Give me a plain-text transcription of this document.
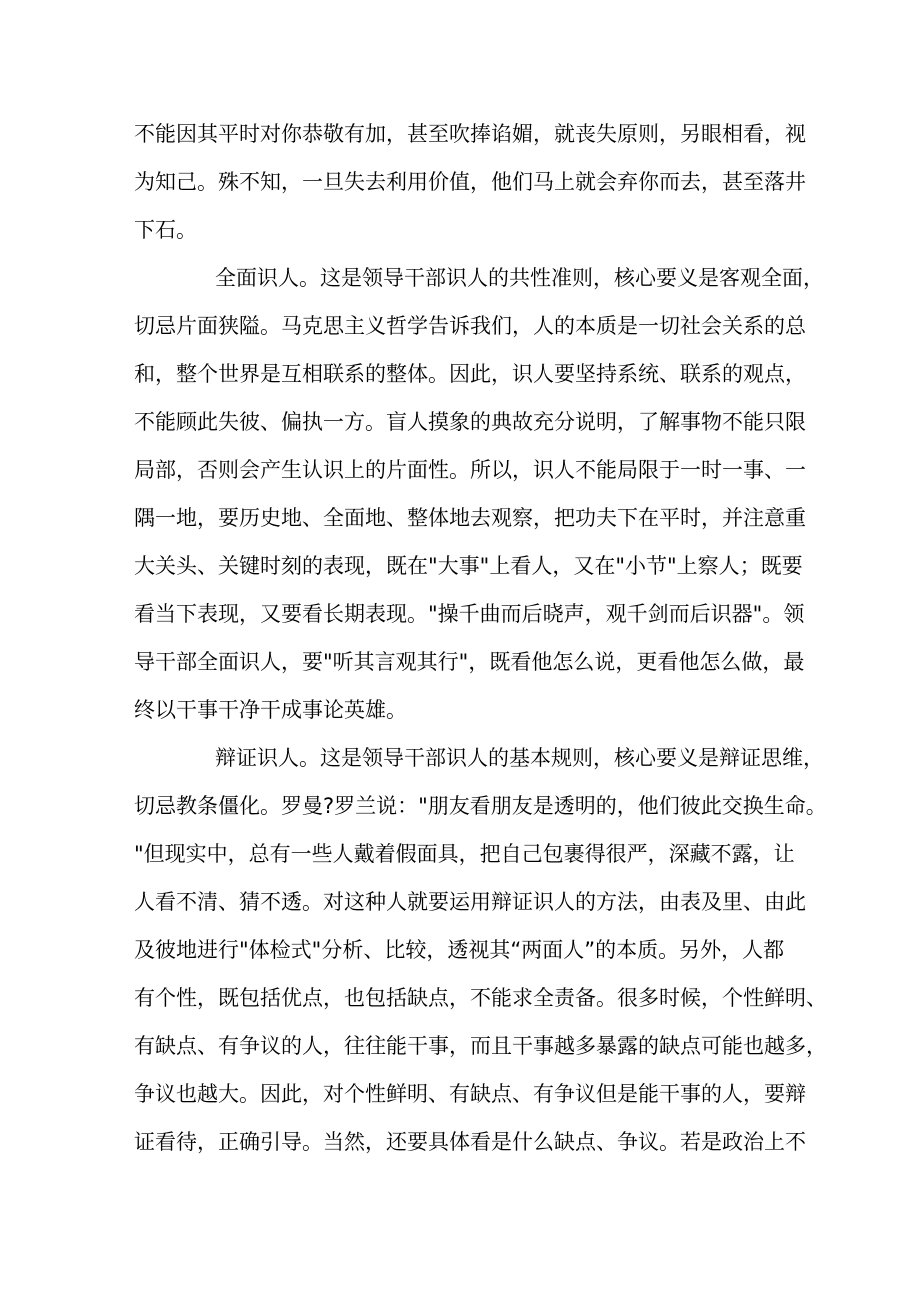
不能因其平时对你恭敬有加，甚至吹捧谄媚，就丧失原则，另眼相看，视
为知己。殊不知，一旦失去利用价值，他们马上就会弃你而去，甚至落井
下石。
全面识人。这是领导干部识人的共性准则，核心要义是客观全面，
切忌片面狭隘。马克思主义哲学告诉我们，人的本质是一切社会关系的总
和，整个世界是互相联系的整体。因此，识人要坚持系统、联系的观点，
不能顾此失彼、偏执一方。盲人摸象的典故充分说明，了解事物不能只限
局部，否则会产生认识上的片面性。所以，识人不能局限于一时一事、一
隅一地，要历史地、全面地、整体地去观察，把功夫下在平时，并注意重
大关头、关键时刻的表现，既在"大事"上看人，又在"小节"上察人；既要
看当下表现，又要看长期表现。"操千曲而后晓声，观千剑而后识器"。领
导干部全面识人，要"听其言观其行"，既看他怎么说，更看他怎么做，最
终以干事干净干成事论英雄。
辩证识人。这是领导干部识人的基本规则，核心要义是辩证思维，
切忌教条僵化。罗曼?罗兰说："朋友看朋友是透明的，他们彼此交换生命。
"但现实中，总有一些人戴着假面具，把自己包裹得很严，深藏不露，让
人看不清、猜不透。对这种人就要运用辩证识人的方法，由表及里、由此
及彼地进行"体检式"分析、比较，透视其“两面人”的本质。另外，人都
有个性，既包括优点，也包括缺点，不能求全责备。很多时候，个性鲜明、
有缺点、有争议的人，往往能干事，而且干事越多暴露的缺点可能也越多，
争议也越大。因此，对个性鲜明、有缺点、有争议但是能干事的人，要辩
证看待，正确引导。当然，还要具体看是什么缺点、争议。若是政治上不
